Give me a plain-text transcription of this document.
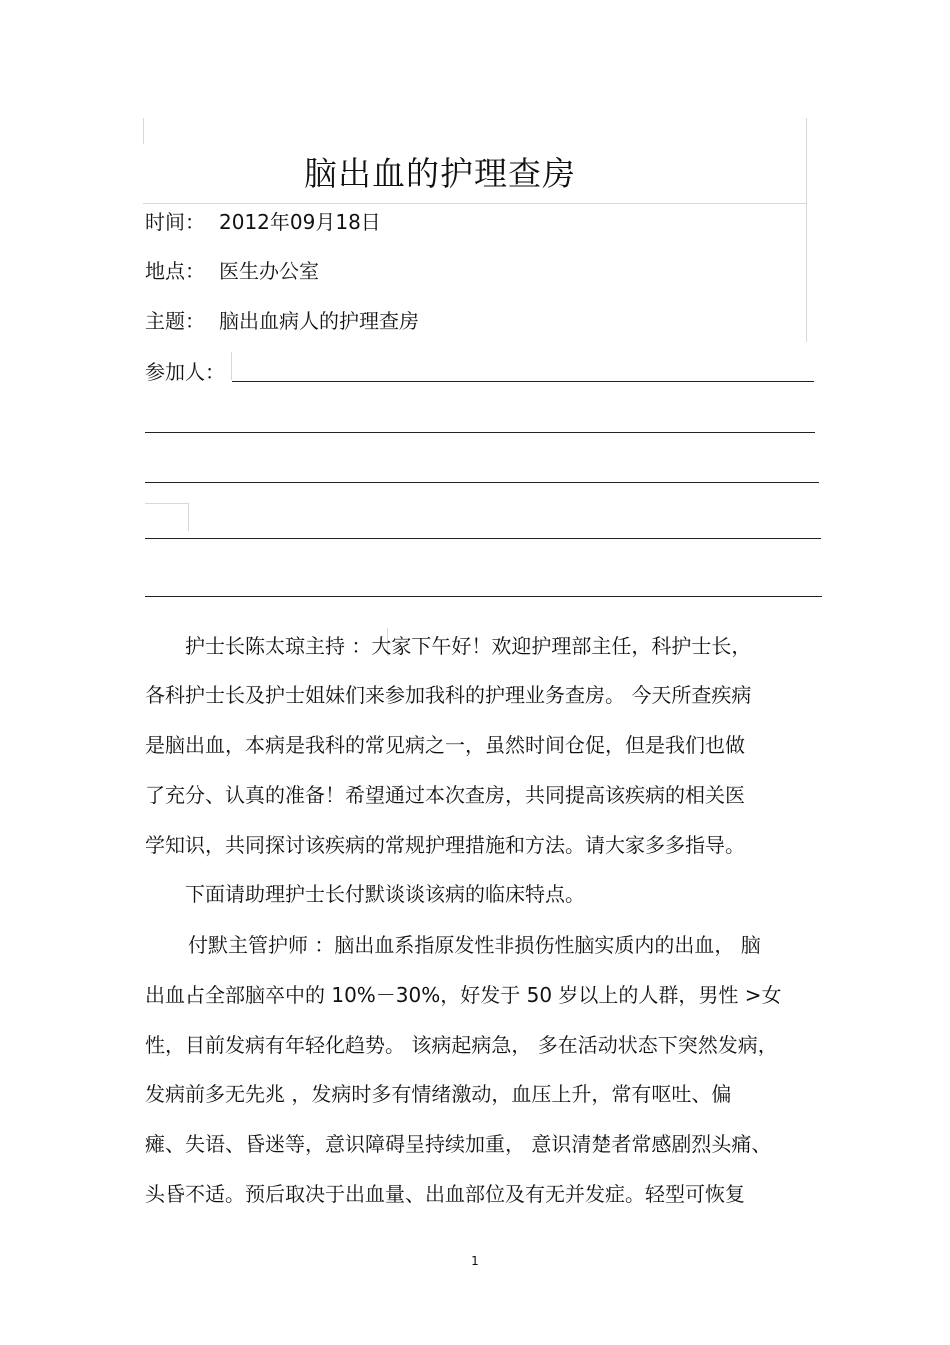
脑出血的护理查房
时间： 2012年09月18日
地点： 医生办公室
主题： 脑出血病人的护理查房
参加人：
护士长陈太琼主持 ：大家下午好！欢迎护理部主任，科护士长，
各科护士长及护士姐妹们来参加我科的护理业务查房。 今天所查疾病
是脑出血，本病是我科的常见病之一，虽然时间仓促，但是我们也做
了充分、认真的准备！希望通过本次查房，共同提高该疾病的相关医
学知识，共同探讨该疾病的常规护理措施和方法。请大家多多指导。
下面请助理护士长付默谈谈该病的临床特点。
付默主管护师 ：脑出血系指原发性非损伤性脑实质内的出血， 脑
出血占全部脑卒中的 10%－30%，好发于 50 岁以上的人群，男性 >女
性，目前发病有年轻化趋势。 该病起病急， 多在活动状态下突然发病，
发病前多无先兆 ，发病时多有情绪激动，血压上升，常有呕吐、偏
瘫、失语、昏迷等，意识障碍呈持续加重， 意识清楚者常感剧烈头痛、
头昏不适。预后取决于出血量、出血部位及有无并发症。轻型可恢复
1
